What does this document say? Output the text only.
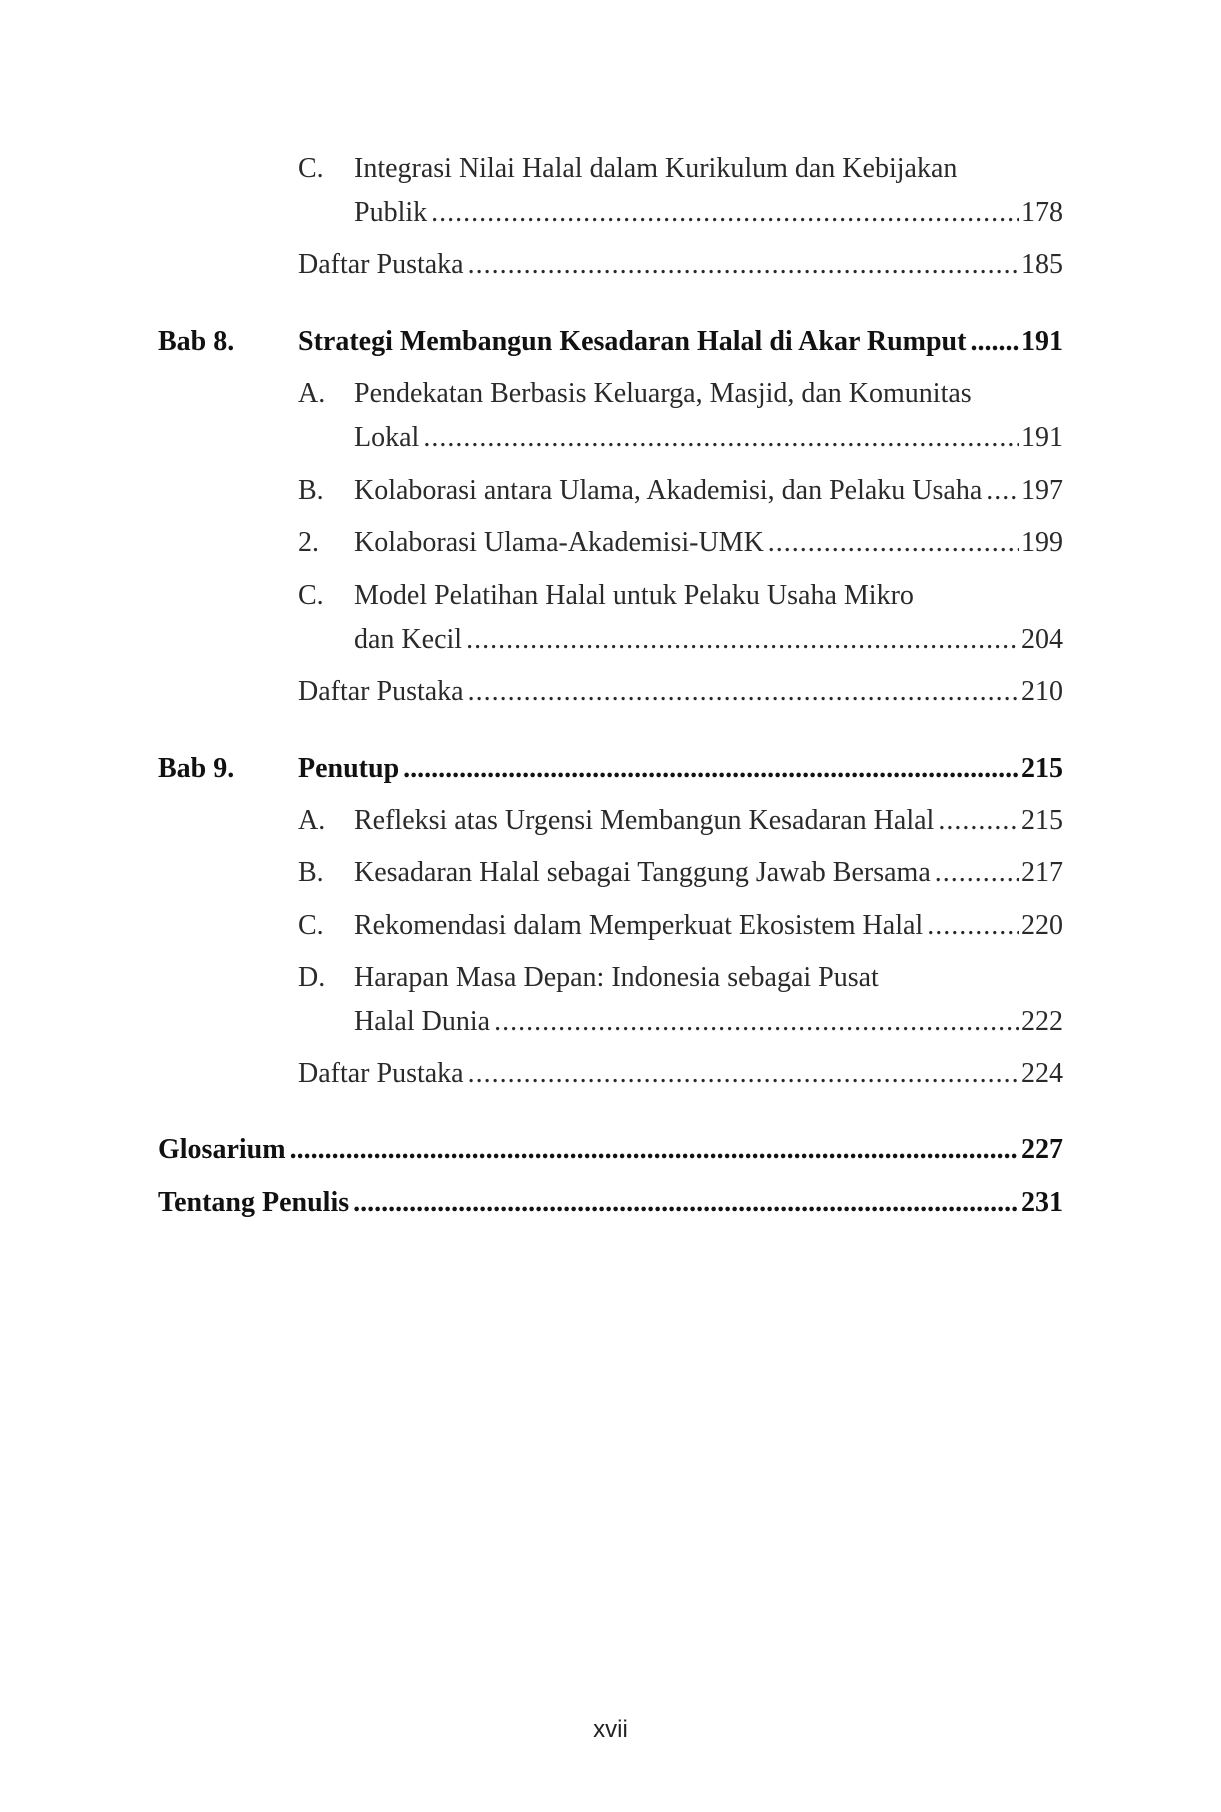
C. Integrasi Nilai Halal dalam Kurikulum dan Kebijakan
Publik . . .	178
Daftar Pustaka . . .	185
Bab 8. Strategi Membangun Kesadaran Halal di Akar Rumput . . . 191
A. Pendekatan Berbasis Keluarga, Masjid, dan Komunitas
Lokal . . .	191
B. Kolaborasi antara Ulama, Akademisi, dan Pelaku Usaha . . . 197
2. Kolaborasi Ulama-Akademisi-UMK . . .	199
C. Model Pelatihan Halal untuk Pelaku Usaha Mikro
dan Kecil . . .	204
Daftar Pustaka . . .	210
Bab 9. Penutup . . .	215
A. Refleksi atas Urgensi Membangun Kesadaran Halal . . .	215
B. Kesadaran Halal sebagai Tanggung Jawab Bersama . . .	217
C. Rekomendasi dalam Memperkuat Ekosistem Halal . . .	220
D. Harapan Masa Depan: Indonesia sebagai Pusat
Halal Dunia . . .	222
Daftar Pustaka . . .	224
Glosarium . . .	227
Tentang Penulis . . .	231
xvii
